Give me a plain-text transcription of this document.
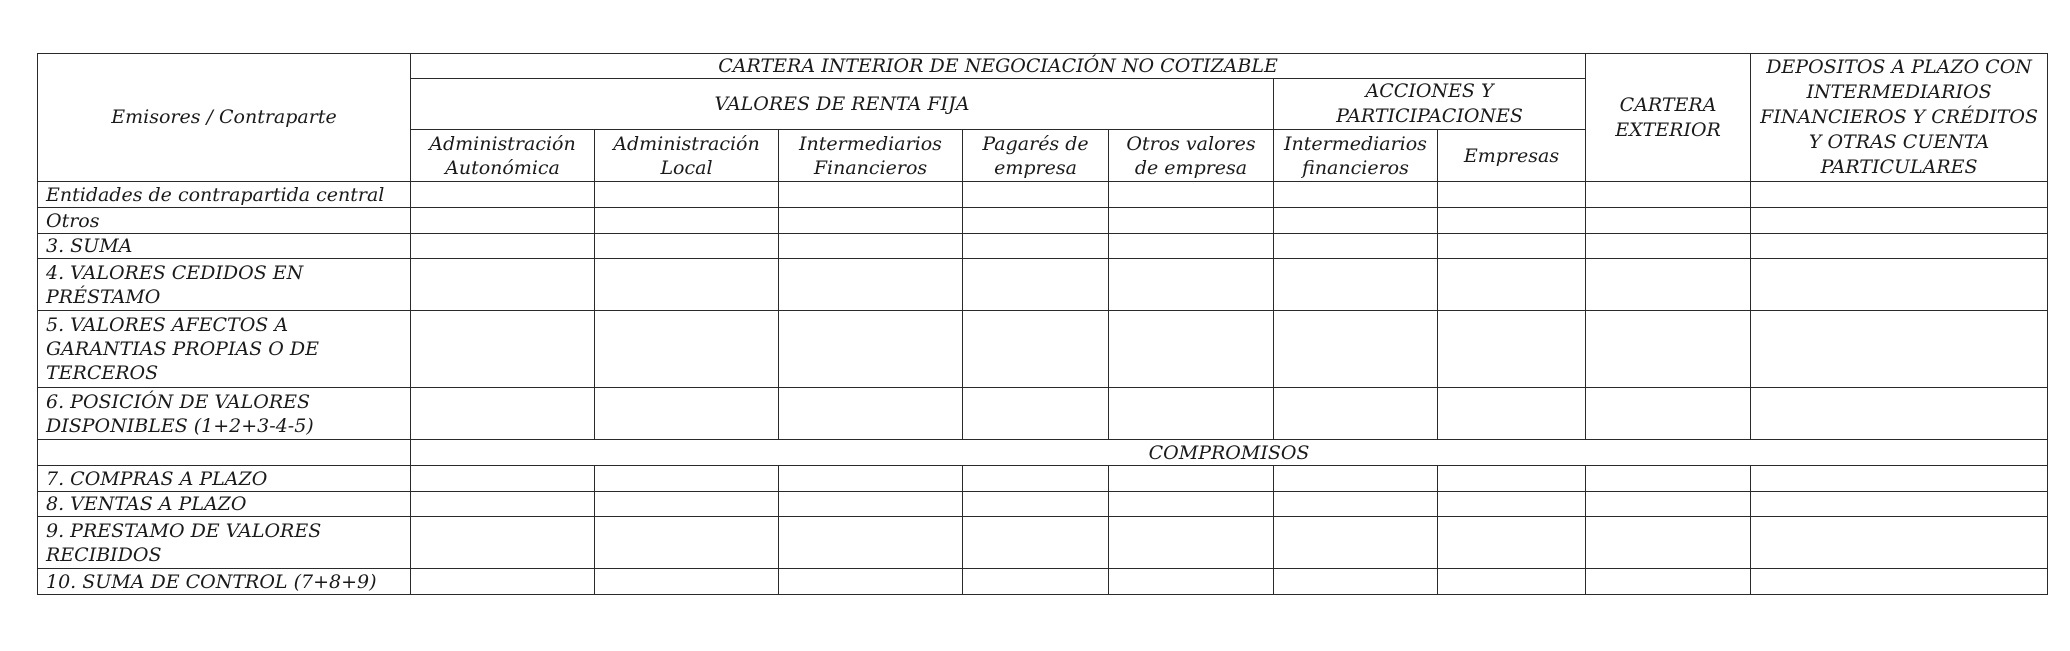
Emisores / Contraparte	CARTERA INTERIOR DE NEGOCIACIÓN NO COTIZABLE							CARTERA EXTERIOR	DEPOSITOS A PLAZO CON INTERMEDIARIOS FINANCIEROS Y CRÉDITOS Y OTRAS CUENTA PARTICULARES
	VALORES DE RENTA FIJA					ACCIONES Y PARTICIPACIONES			
	Administración Autonómica	Administración Local	Intermediarios Financieros	Pagarés de empresa	Otros valores de empresa	Intermediarios financieros	Empresas		
Entidades de contrapartida central									
Otros									
3. SUMA									
4. VALORES CEDIDOS EN PRÉSTAMO									
5. VALORES AFECTOS A GARANTIAS PROPIAS O DE TERCEROS									
6. POSICIÓN DE VALORES DISPONIBLES (1+2+3-4-5)									
	COMPROMISOS								
7. COMPRAS A PLAZO									
8. VENTAS A PLAZO									
9. PRESTAMO DE VALORES RECIBIDOS									
10. SUMA DE CONTROL (7+8+9)									
